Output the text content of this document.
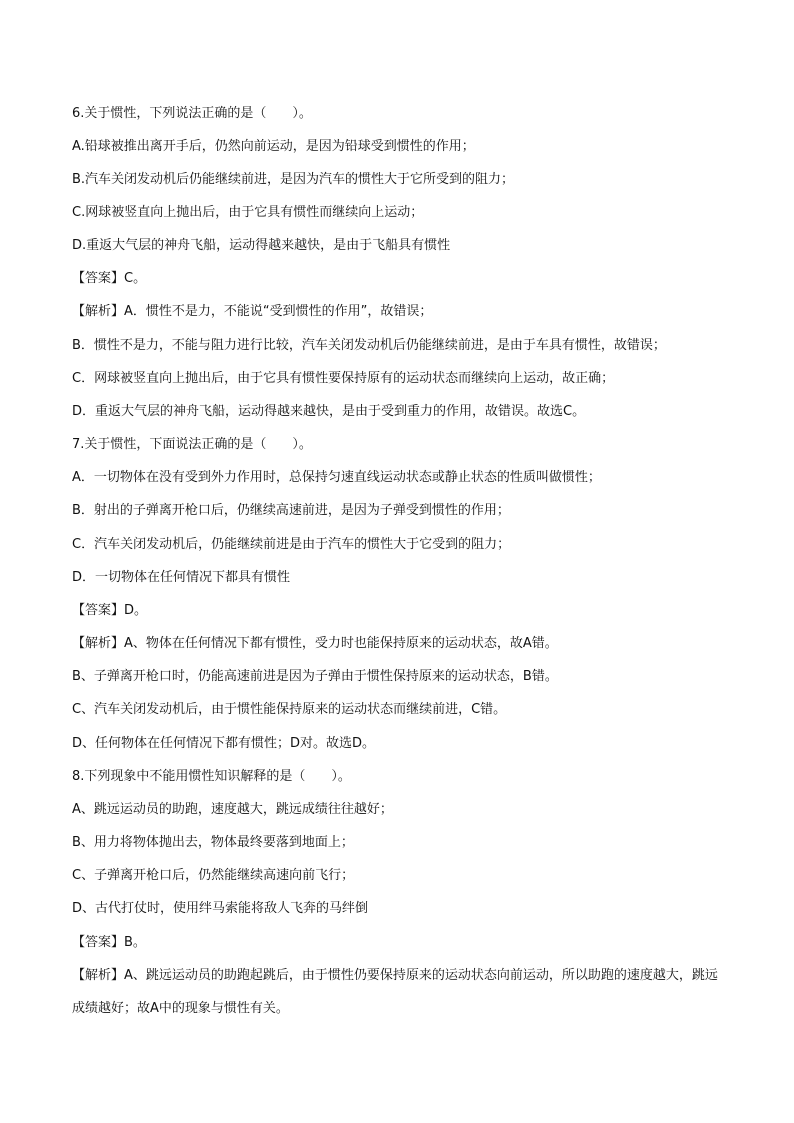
6.关于惯性，下列说法正确的是（　　）。
A.铅球被推出离开手后，仍然向前运动，是因为铅球受到惯性的作用；
B.汽车关闭发动机后仍能继续前进，是因为汽车的惯性大于它所受到的阻力；
C.网球被竖直向上抛出后，由于它具有惯性而继续向上运动；
D.重返大气层的神舟飞船，运动得越来越快，是由于飞船具有惯性
【答案】C。
【解析】A．惯性不是力，不能说“受到惯性的作用”，故错误；
B．惯性不是力，不能与阻力进行比较，汽车关闭发动机后仍能继续前进，是由于车具有惯性，故错误；
C．网球被竖直向上抛出后，由于它具有惯性要保持原有的运动状态而继续向上运动，故正确；
D．重返大气层的神舟飞船，运动得越来越快，是由于受到重力的作用，故错误。故选C。
7.关于惯性，下面说法正确的是（　　）。
A．一切物体在没有受到外力作用时，总保持匀速直线运动状态或静止状态的性质叫做惯性；
B．射出的子弹离开枪口后，仍继续高速前进，是因为子弹受到惯性的作用；
C．汽车关闭发动机后，仍能继续前进是由于汽车的惯性大于它受到的阻力；
D．一切物体在任何情况下都具有惯性
【答案】D。
【解析】A、物体在任何情况下都有惯性，受力时也能保持原来的运动状态，故A错。
B、子弹离开枪口时，仍能高速前进是因为子弹由于惯性保持原来的运动状态，B错。
C、汽车关闭发动机后，由于惯性能保持原来的运动状态而继续前进，C错。
D、任何物体在任何情况下都有惯性；D对。故选D。
8.下列现象中不能用惯性知识解释的是（　　）。
A、跳远运动员的助跑，速度越大，跳远成绩往往越好；
B、用力将物体抛出去，物体最终要落到地面上；
C、子弹离开枪口后，仍然能继续高速向前飞行；
D、古代打仗时，使用绊马索能将敌人飞奔的马绊倒
【答案】B。
【解析】A、跳远运动员的助跑起跳后，由于惯性仍要保持原来的运动状态向前运动，所以助跑的速度越大，跳远成绩越好；故A中的现象与惯性有关。
